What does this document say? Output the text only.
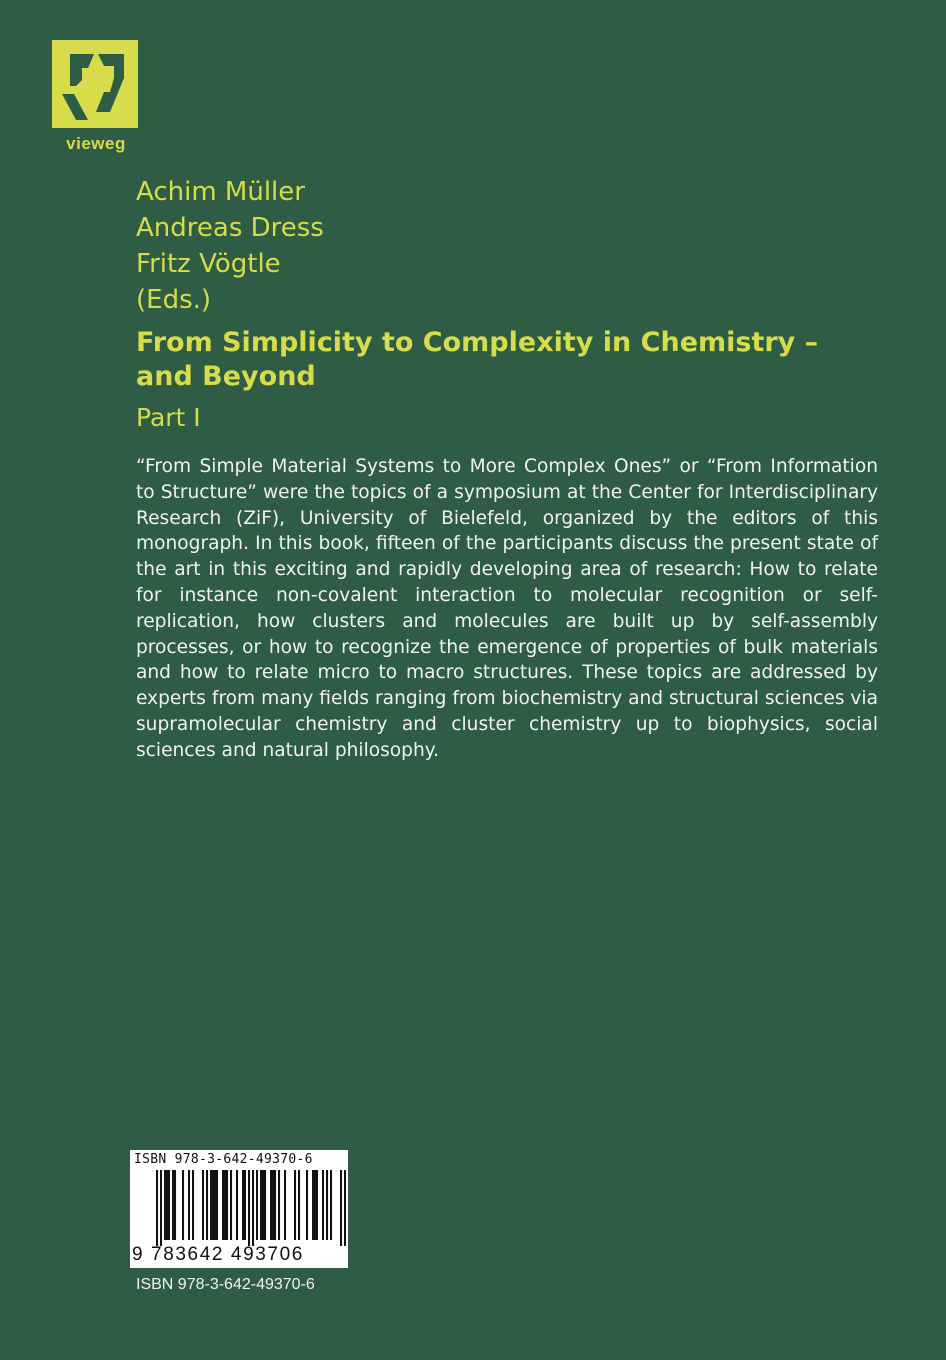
vieweg
Achim Müller
Andreas Dress
Fritz Vögtle
(Eds.)
From Simplicity to Complexity in Chemistry –
and Beyond
Part I
“From Simple Material Systems to More Complex Ones” or “From Information to Structure” were the topics of a symposium at the Center for Interdisciplinary Research (ZiF), University of Bielefeld, organized by the editors of this monograph. In this book, fifteen of the participants discuss the present state of the art in this exciting and rapidly developing area of research: How to relate for instance non-covalent interaction to molecular recognition or self-replication, how clusters and molecules are built up by self-assembly processes, or how to recognize the emergence of properties of bulk materials and how to relate micro to macro structures. These topics are addressed by experts from many fields ranging from biochemistry and structural sciences via supramolecular chemistry and cluster chemistry up to biophysics, social sciences and natural philosophy.
ISBN 978-3-642-49370-6
9 783642 493706
ISBN 978-3-642-49370-6
